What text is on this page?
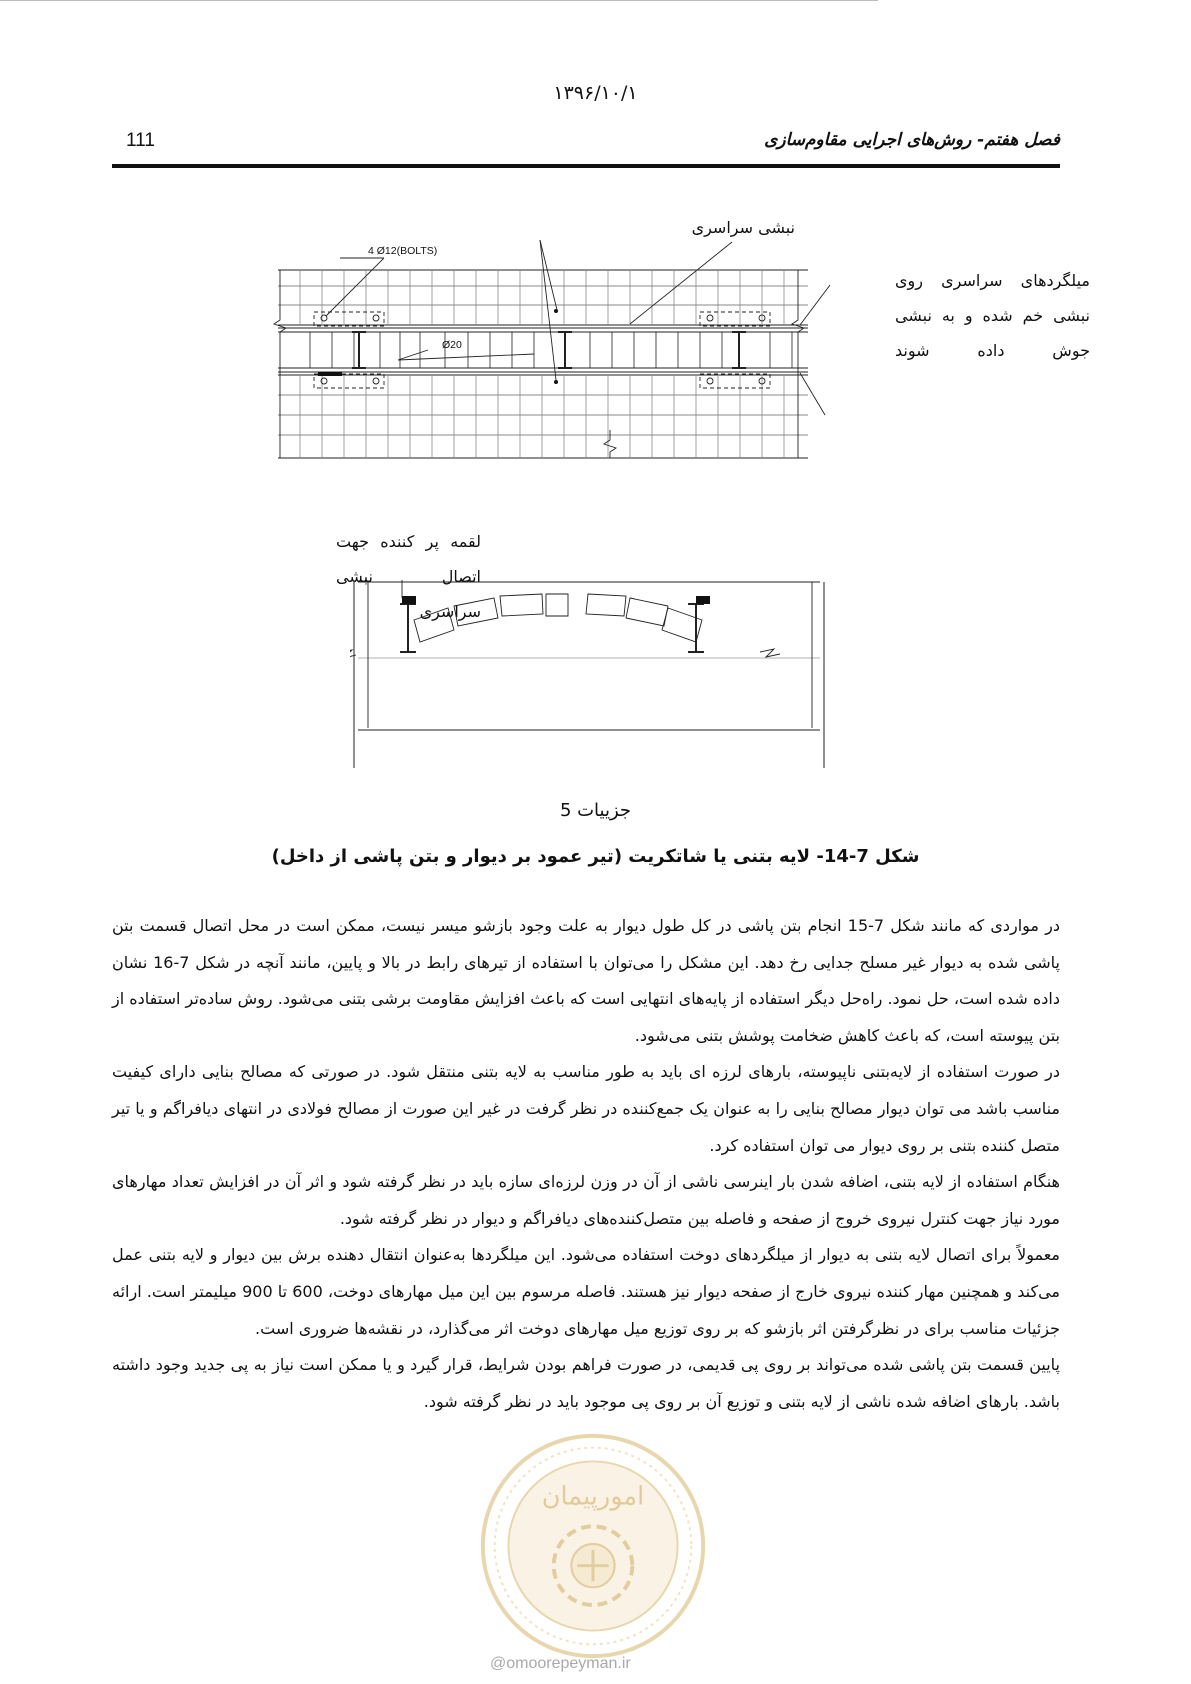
۱۳۹۶/۱۰/۱
111	فصل هفتم- روش‌های اجرایی مقاوم‌سازی
4 Ø12(BOLTS)
Ø20
نبشی سراسری
میلگردهای سراسری روی
نبشی خم شده و به نبشی
جوش داده شوند
لقمه پر کننده جهت
اتصال نبشی سراسری
جزییات 5
شکل 7-14- لایه بتنی یا شاتکریت (تیر عمود بر دیوار و بتن پاشی از داخل)

در مواردی که مانند شکل 7-15 انجام بتن پاشی در کل طول دیوار به علت وجود بازشو میسر نیست، ممکن است در محل اتصال قسمت بتن پاشی شده به دیوار غیر مسلح جدایی رخ دهد. این مشکل را می‌توان با استفاده از تیرهای رابط در بالا و پایین، مانند آنچه در شکل 7-16 نشان داده شده است، حل نمود. راه‌حل دیگر استفاده از پایه‌های انتهایی است که باعث افزایش مقاومت برشی بتنی می‌شود. روش ساده‌تر استفاده از بتن پیوسته است، که باعث کاهش ضخامت پوشش بتنی می‌شود.

در صورت استفاده از لایه‌بتنی ناپیوسته، بارهای لرزه ای باید به طور مناسب به لایه بتنی منتقل شود. در صورتی که مصالح بنایی دارای کیفیت مناسب باشد می توان دیوار مصالح بنایی را به عنوان یک جمع‌کننده در نظر گرفت در غیر این صورت از مصالح فولادی در انتهای دیافراگم و یا تیر متصل کننده بتنی بر روی دیوار می توان استفاده کرد.

هنگام استفاده از لایه بتنی، اضافه شدن بار اینرسی ناشی از آن در وزن لرزه‌ای سازه باید در نظر گرفته شود و اثر آن در افزایش تعداد مهارهای مورد نیاز جهت کنترل نیروی خروج از صفحه و فاصله بین متصل‌کننده‌های دیافراگم و دیوار در نظر گرفته شود.

معمولاً برای اتصال لایه بتنی به دیوار از میلگردهای دوخت استفاده می‌شود. این میلگردها به‌عنوان انتقال دهنده برش بین دیوار و لایه بتنی عمل می‌کند و همچنین مهار کننده نیروی خارج از صفحه دیوار نیز هستند. فاصله مرسوم بین این میل مهارهای دوخت، 600 تا 900 میلیمتر است. ارائه جزئیات مناسب برای در نظرگرفتن اثر بازشو که بر روی توزیع میل مهارهای دوخت اثر می‌گذارد، در نقشه‌ها ضروری است.

پایین قسمت بتن پاشی شده می‌تواند بر روی پی قدیمی، در صورت فراهم بودن شرایط، قرار گیرد و یا ممکن است نیاز به پی جدید وجود داشته باشد. بارهای اضافه شده ناشی از لایه بتنی و توزیع آن بر روی پی موجود باید در نظر گرفته شود.

امورپیمان
@omoorepeyman.ir
